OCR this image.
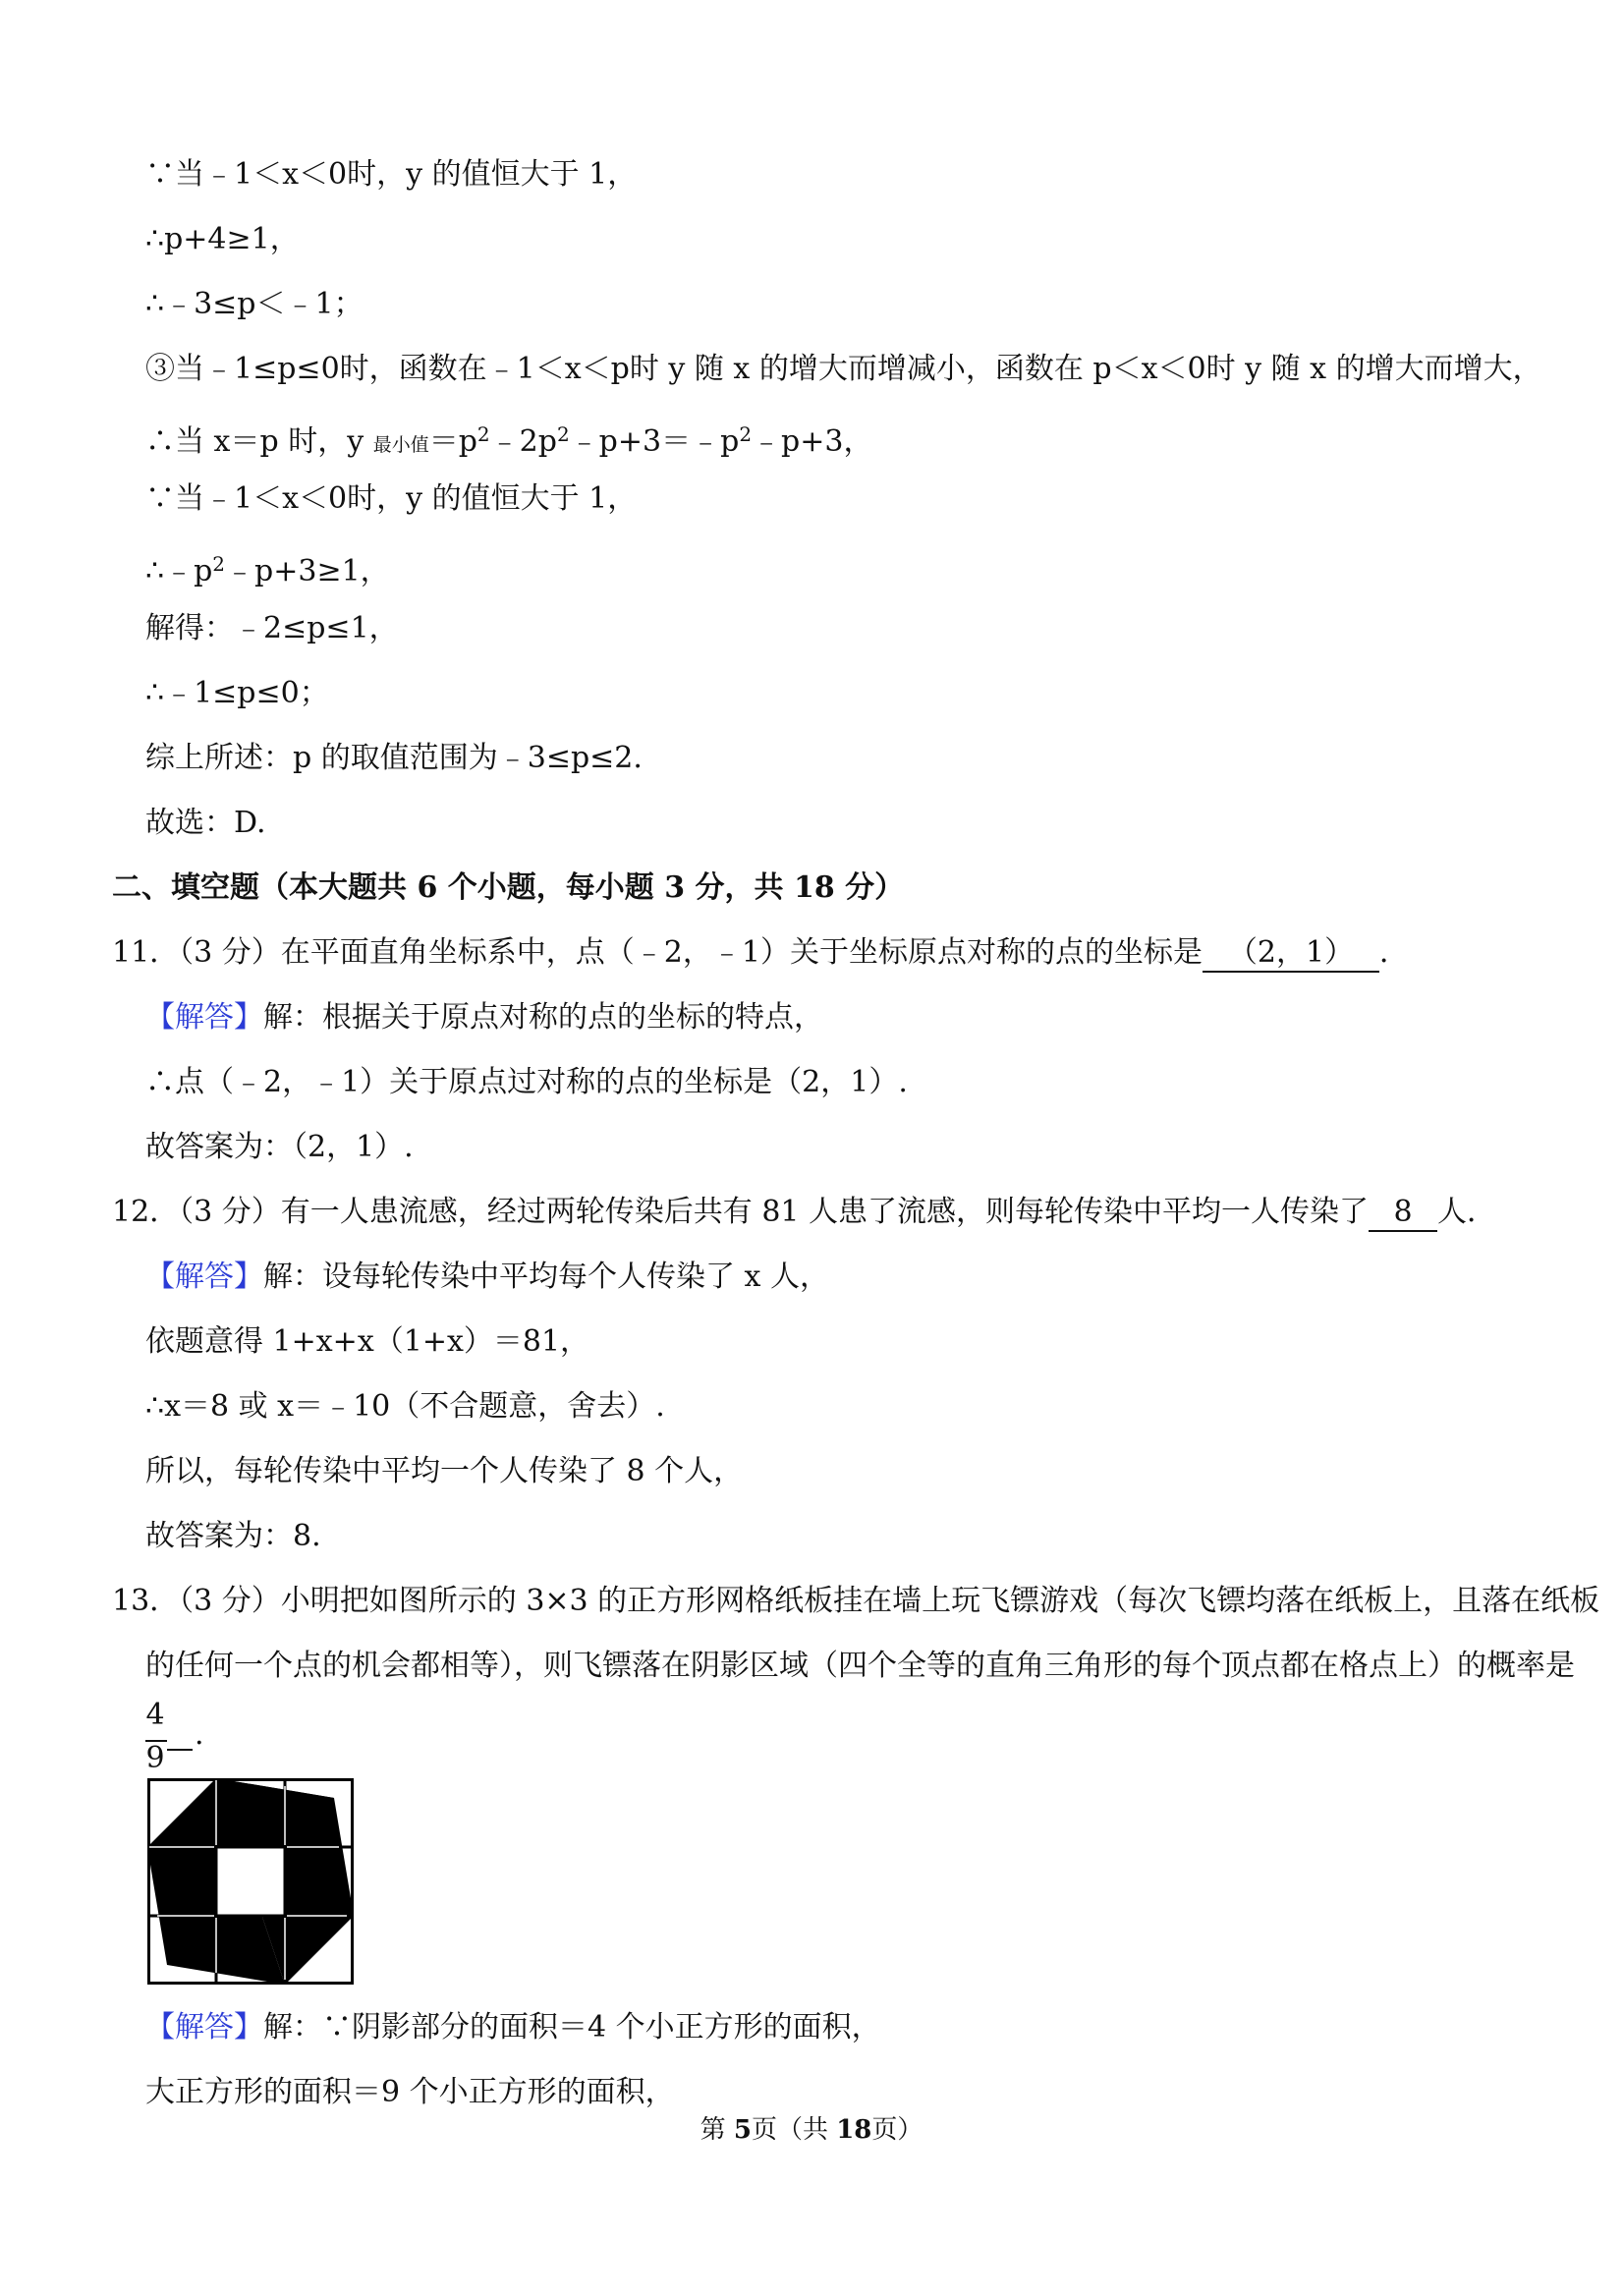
∵当﹣1＜x＜0时，y 的值恒大于 1，
∴p+4≥1，
∴﹣3≤p＜﹣1；
③当﹣1≤p≤0时，函数在﹣1＜x＜p时 y 随 x 的增大而增减小，函数在 p＜x＜0时 y 随 x 的增大而增大，
∴当 x＝p 时，y 最小值$=p^2﹣2p^2﹣p+3=﹣p^2﹣p+3$，
∵当﹣1＜x＜0时，y 的值恒大于 1，
$\therefore﹣p^2﹣p+3\ge 1$，
解得：﹣2≤p≤1，
∴﹣1≤p≤0；
综上所述：p 的取值范围为﹣3≤p≤2.
故选：D.
二、填空题（本大题共 6 个小题，每小题 3 分，共 18 分）
11．（3 分）在平面直角坐标系中，点（﹣2，﹣1）关于坐标原点对称的点的坐标是 （2，1） ．
【解答】解：根据关于原点对称的点的坐标的特点，
∴点（﹣2，﹣1）关于原点过对称的点的坐标是（2，1）.
故答案为：（2，1）.
12．（3 分）有一人患流感，经过两轮传染后共有 81 人患了流感，则每轮传染中平均一人传染了 8 人．
【解答】解：设每轮传染中平均每个人传染了 x 人，
依题意得 1+x+x（1+x）＝81，
∴x＝8 或 x＝﹣10（不合题意，舍去）.
所以，每轮传染中平均一个人传染了 8 个人，
故答案为：8.
13．（3 分）小明把如图所示的 3×3 的正方形网格纸板挂在墙上玩飞镖游戏（每次飞镖均落在纸板上，且落在纸板
的任何一个点的机会都相等），则飞镖落在阴影区域（四个全等的直角三角形的每个顶点都在格点上）的概率是
4
9
.
【解答】解：∵阴影部分的面积＝4 个小正方形的面积，
大正方形的面积＝9 个小正方形的面积，
第 5页（共 18页）
